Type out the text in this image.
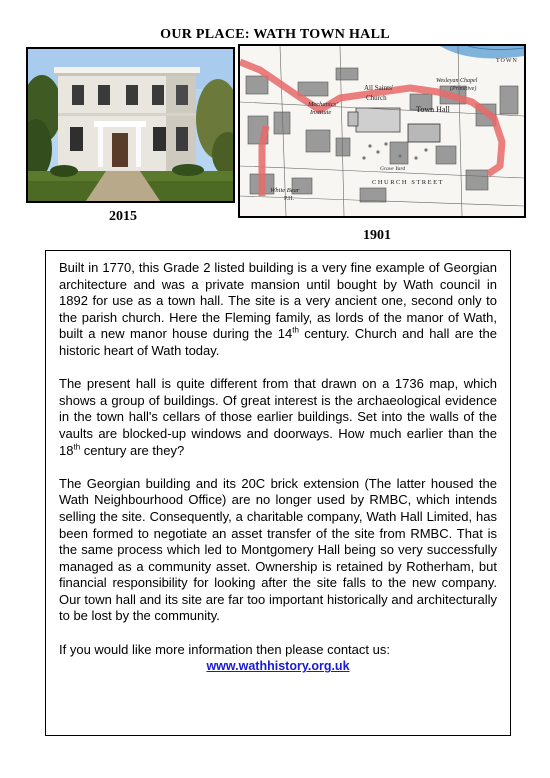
OUR PLACE: WATH TOWN HALL
Mechanics'
Institute
All Saints'
Church
Wesleyan Chapel
(Primitive)
Town Hall
Grave Yard
CHURCH STREET
White Bear
P.H.
TOWN
2015
1901

Built in 1770, this Grade 2 listed building is a very fine example of Georgian architecture and was a private mansion until bought by Wath council in 1892 for use as a town hall. The site is a very ancient one, second only to the parish church. Here the Fleming family, as lords of the manor of Wath, built a new manor house during the 14th century. Church and hall are the historic heart of Wath today.

The present hall is quite different from that drawn on a 1736 map, which shows a group of buildings. Of great interest is the archaeological evidence in the town hall's cellars of those earlier buildings. Set into the walls of the vaults are blocked-up windows and doorways. How much earlier than the 18th century are they?

The Georgian building and its 20C brick extension (The latter housed the Wath Neighbourhood Office) are no longer used by RMBC, which intends selling the site. Consequently, a charitable company, Wath Hall Limited, has been formed to negotiate an asset transfer of the site from RMBC. That is the same process which led to Montgomery Hall being so very successfully managed as a community asset. Ownership is retained by Rotherham, but financial responsibility for looking after the site falls to the new company. Our town hall and its site are far too important historically and architecturally to be lost by the community.

If you would like more information then please contact us:

www.wathhistory.org.uk
